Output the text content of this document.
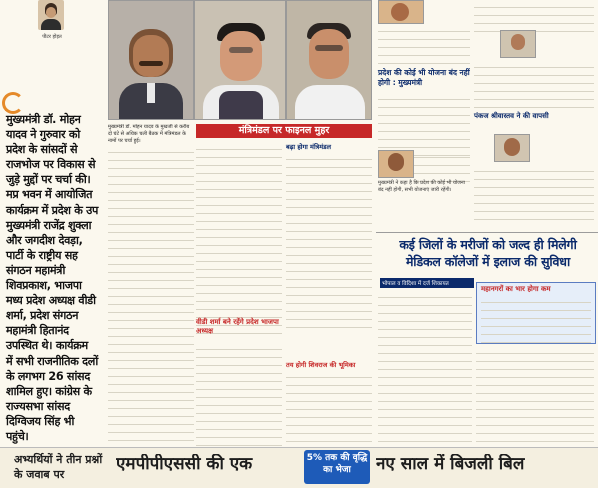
पीटर होइत
मुख्यमंत्री डॉ. मोहन
यादव ने गुरुवार को
प्रदेश के सांसदों से
राजभोज पर विकास से
जुड़े मुद्दों पर चर्चा की।
मप्र भवन में आयोजित
कार्यक्रम में प्रदेश के उप
मुख्यमंत्री राजेंद्र शुक्ला
और जगदीश देवड़ा,
पार्टी के राष्ट्रीय सह
संगठन महामंत्री
शिवप्रकाश, भाजपा
मध्य प्रदेश अध्यक्ष वीडी
शर्मा, प्रदेश संगठन
महामंत्री हितानंद
उपस्थित थे। कार्यक्रम
में सभी राजनीतिक दलों
के लगभग 26 सांसद
शामिल हुए। कांग्रेस के
राज्यसभा सांसद
दिग्विजय सिंह भी
पहुंचे।
मुख्यमंत्री डॉ. मोहन यादव के मुखर्जी से करीब दो घंटे से अधिक चली बैठक में मंत्रिमंडल के नामों पर चर्चा हुई।
मंत्रिमंडल पर फाइनल मुहर
वीडी शर्मा बने रहेंगे प्रदेश भाजपा अध्यक्ष
बढ़ा होगा मंत्रिमंडल
तय होगी शिवराज की भूमिका
प्रदेश की कोई भी योजना बंद नहीं होगी : मुख्यमंत्री
पंकज श्रीवास्तव ने की वापसी
मुख्यमंत्री ने कहा है कि प्रदेश की कोई भी योजना बंद नहीं होगी, सभी योजनाएं जारी रहेंगी।
कई जिलों के मरीजों को जल्द ही मिलेगी मेडिकल कॉलेजों में इलाज की सुविधा
भोपाल व विदिशा में दर्ज शिकायत
महानगरों का भार होगा कम
अभ्यर्थियों ने तीन प्रश्नों के जवाब पर
एमपीपीएससी की एक	5% तक की वृद्धि का भेजा	नए साल में बिजली बिल
